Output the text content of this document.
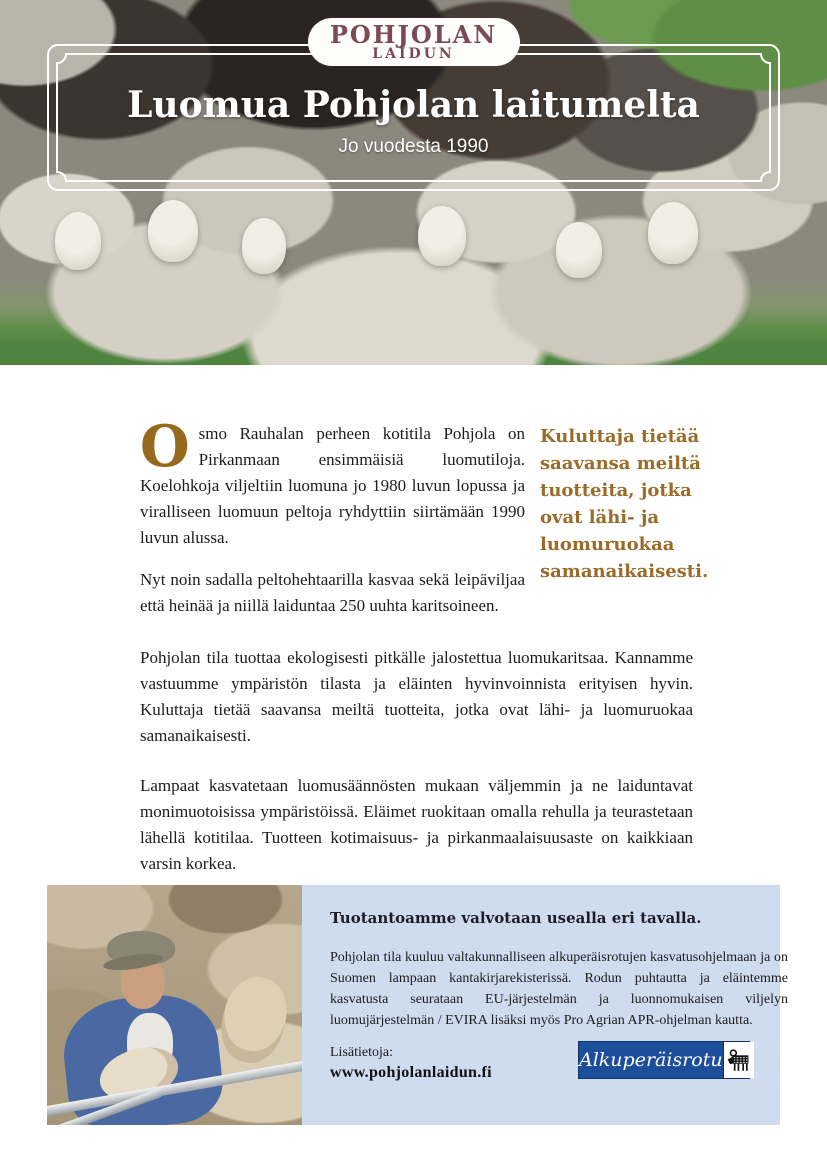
POHJOLAN
LAIDUN
Luomua Pohjolan laitumelta
Jo vuodesta 1990

Osmo Rauhalan perheen kotitila Pohjola on Pirkanmaan ensimmäisiä luomutiloja. Koelohkoja viljeltiin luomuna jo 1980 luvun lopussa ja viralliseen luomuun peltoja ryhdyttiin siirtämään 1990 luvun alussa.

Nyt noin sadalla peltohehtaarilla kasvaa sekä leipäviljaa että heinää ja niillä laiduntaa 250 uuhta karitsoineen.

Kuluttaja tietää saavansa meiltä tuotteita, jotka ovat lähi- ja luomuruokaa samanaikaisesti.

Pohjolan tila tuottaa ekologisesti pitkälle jalostettua luomukaritsaa. Kannamme vastuumme ympäristön tilasta ja eläinten hyvinvoinnista erityisen hyvin. Kuluttaja tietää saavansa meiltä tuotteita, jotka ovat lähi- ja luomuruokaa samanaikaisesti.

Lampaat kasvatetaan luomusäännösten mukaan väljemmin ja ne laiduntavat monimuotoisissa ympäristöissä. Eläimet ruokitaan omalla rehulla ja teurastetaan lähellä kotitilaa. Tuotteen kotimaisuus- ja pirkanmaalaisuusaste on kaikkiaan varsin korkea.

Tuotantoamme valvotaan usealla eri tavalla.

Pohjolan tila kuuluu valtakunnalliseen alkuperäisrotujen kasvatusohjelmaan ja on Suomen lampaan kantakirjarekisterissä. Rodun puhtautta ja eläintemme kasvatusta seurataan EU-järjestelmän ja luonnomukaisen viljelyn luomujärjestelmän / EVIRA lisäksi myös Pro Agrian APR-ohjelman kautta.

Lisätietoja:
www.pohjolanlaidun.fi
Alkuperäisrotu
